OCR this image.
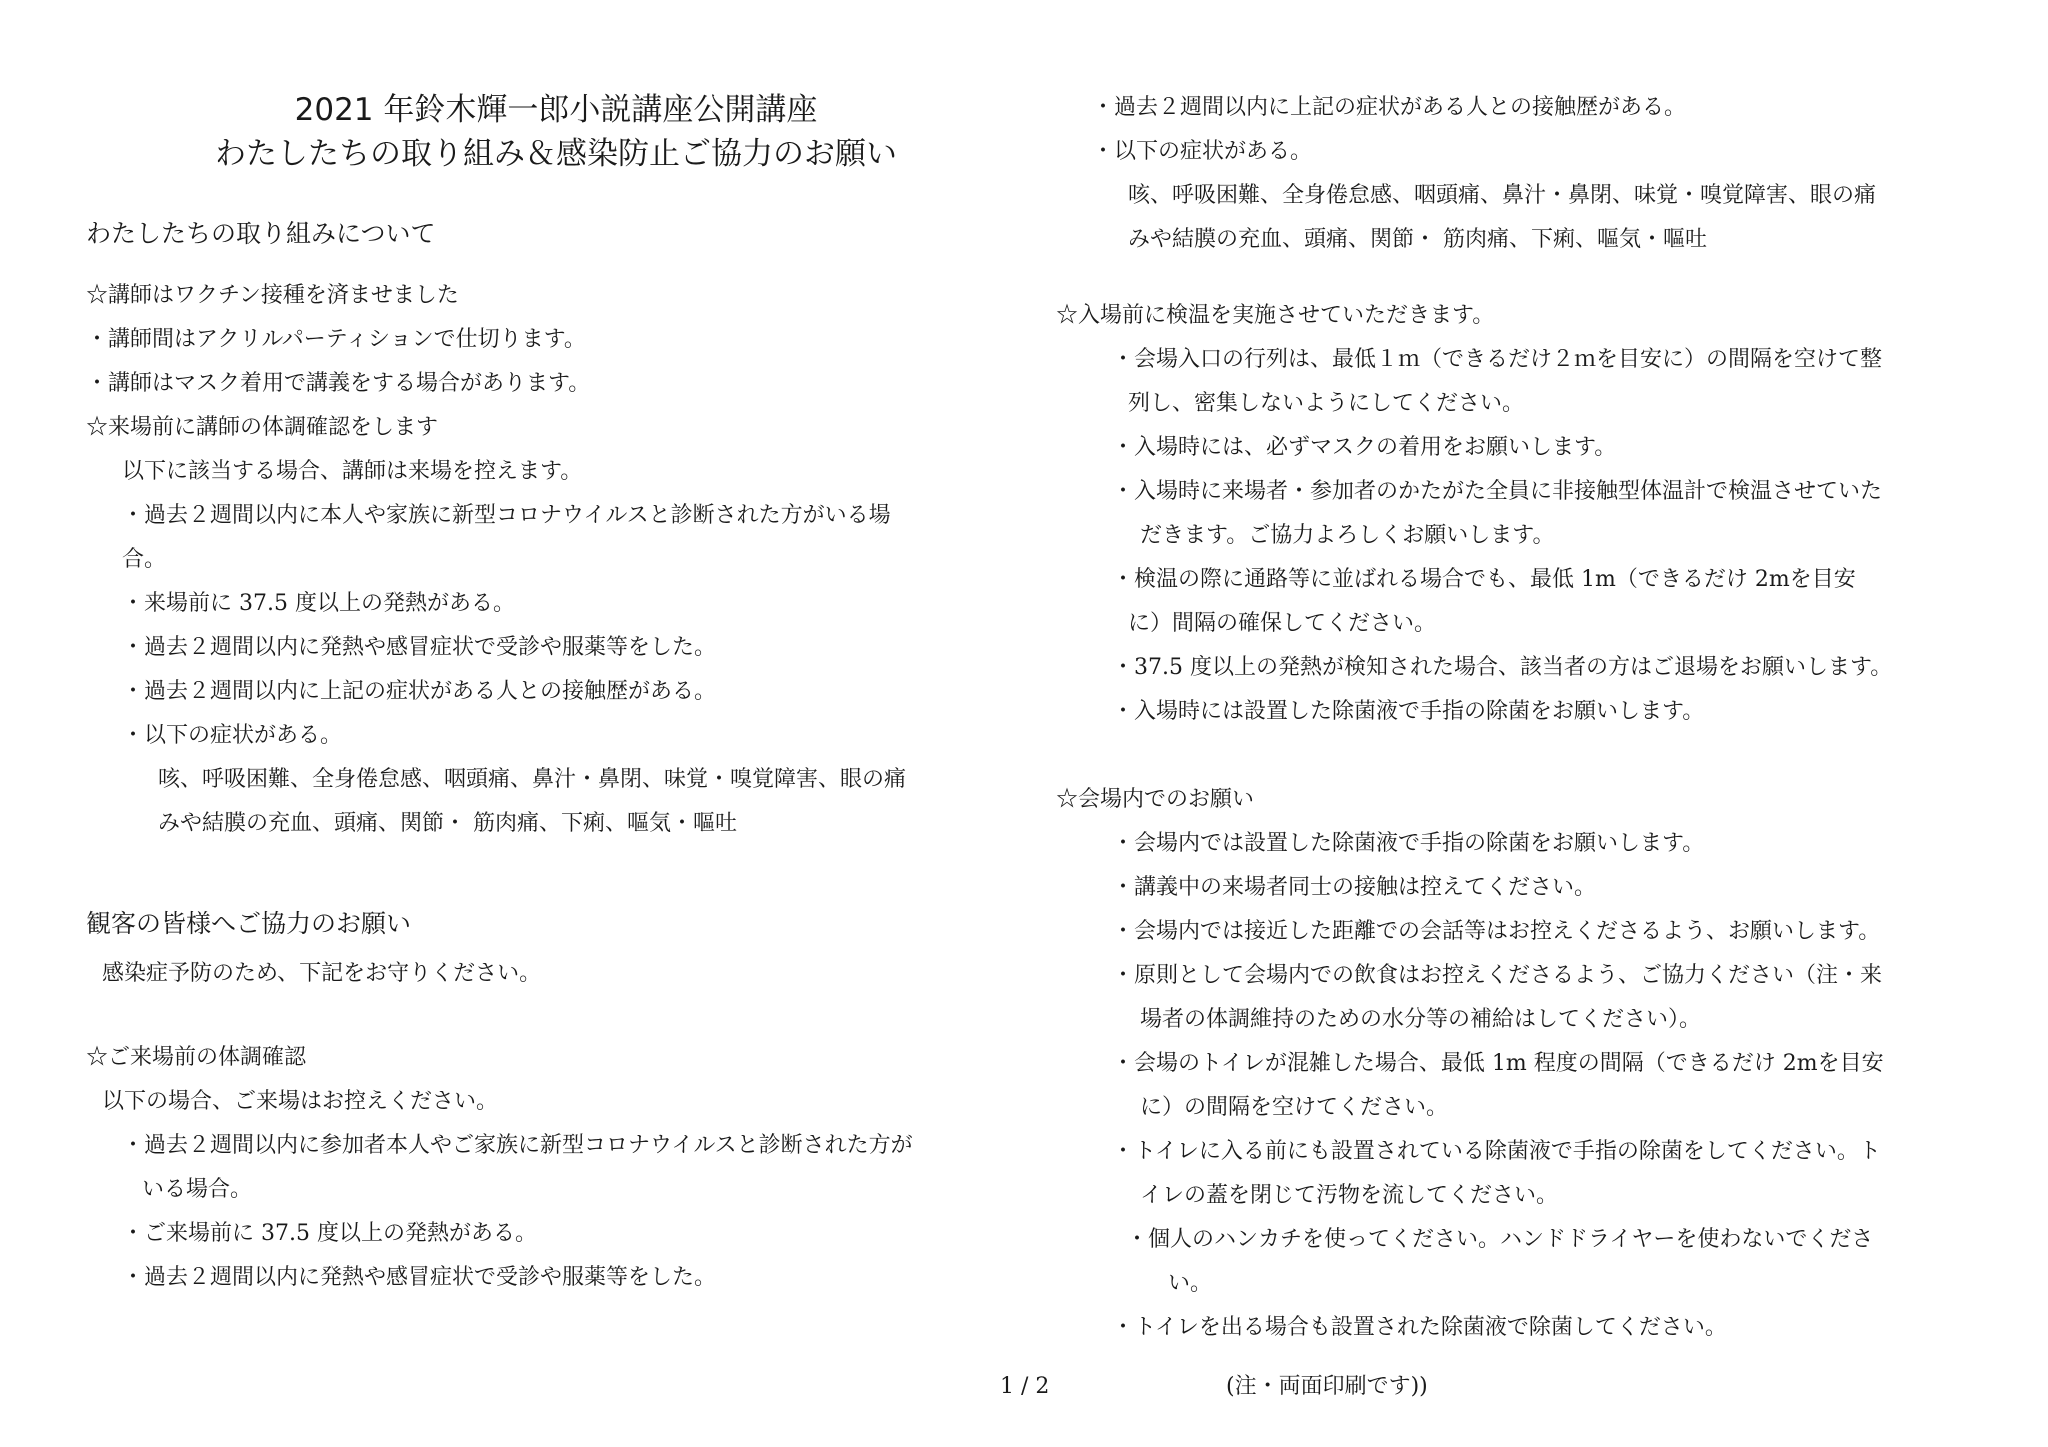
2021 年鈴木輝一郎小説講座公開講座
わたしたちの取り組み＆感染防止ご協力のお願い
わたしたちの取り組みについて
☆講師はワクチン接種を済ませました
・講師間はアクリルパーティションで仕切ります。
・講師はマスク着用で講義をする場合があります。
☆来場前に講師の体調確認をします
以下に該当する場合、講師は来場を控えます。
・過去２週間以内に本人や家族に新型コロナウイルスと診断された方がいる場
合。
・来場前に 37.5 度以上の発熱がある。
・過去２週間以内に発熱や感冒症状で受診や服薬等をした。
・過去２週間以内に上記の症状がある人との接触歴がある。
・以下の症状がある。
咳、呼吸困難、全身倦怠感、咽頭痛、鼻汁・鼻閉、味覚・嗅覚障害、眼の痛
みや結膜の充血、頭痛、関節・ 筋肉痛、下痢、嘔気・嘔吐
観客の皆様へご協力のお願い
感染症予防のため、下記をお守りください。
☆ご来場前の体調確認
以下の場合、ご来場はお控えください。
・過去２週間以内に参加者本人やご家族に新型コロナウイルスと診断された方が
いる場合。
・ご来場前に 37.5 度以上の発熱がある。
・過去２週間以内に発熱や感冒症状で受診や服薬等をした。
・過去２週間以内に上記の症状がある人との接触歴がある。
・以下の症状がある。
咳、呼吸困難、全身倦怠感、咽頭痛、鼻汁・鼻閉、味覚・嗅覚障害、眼の痛
みや結膜の充血、頭痛、関節・ 筋肉痛、下痢、嘔気・嘔吐
☆入場前に検温を実施させていただきます。
・会場入口の行列は、最低１ｍ（できるだけ２ｍを目安に）の間隔を空けて整
列し、密集しないようにしてください。
・入場時には、必ずマスクの着用をお願いします。
・入場時に来場者・参加者のかたがた全員に非接触型体温計で検温させていた
だきます。ご協力よろしくお願いします。
・検温の際に通路等に並ばれる場合でも、最低 1m（できるだけ 2mを目安
に）間隔の確保してください。
・37.5 度以上の発熱が検知された場合、該当者の方はご退場をお願いします。
・入場時には設置した除菌液で手指の除菌をお願いします。
☆会場内でのお願い
・会場内では設置した除菌液で手指の除菌をお願いします。
・講義中の来場者同士の接触は控えてください。
・会場内では接近した距離での会話等はお控えくださるよう、お願いします。
・原則として会場内での飲食はお控えくださるよう、ご協力ください（注・来
場者の体調維持のための水分等の補給はしてください）。
・会場のトイレが混雑した場合、最低 1m 程度の間隔（できるだけ 2mを目安
に）の間隔を空けてください。
・トイレに入る前にも設置されている除菌液で手指の除菌をしてください。ト
イレの蓋を閉じて汚物を流してください。
・個人のハンカチを使ってください。ハンドドライヤーを使わないでくださ
い。
・トイレを出る場合も設置された除菌液で除菌してください。
1 / 2	(注・両面印刷です))
